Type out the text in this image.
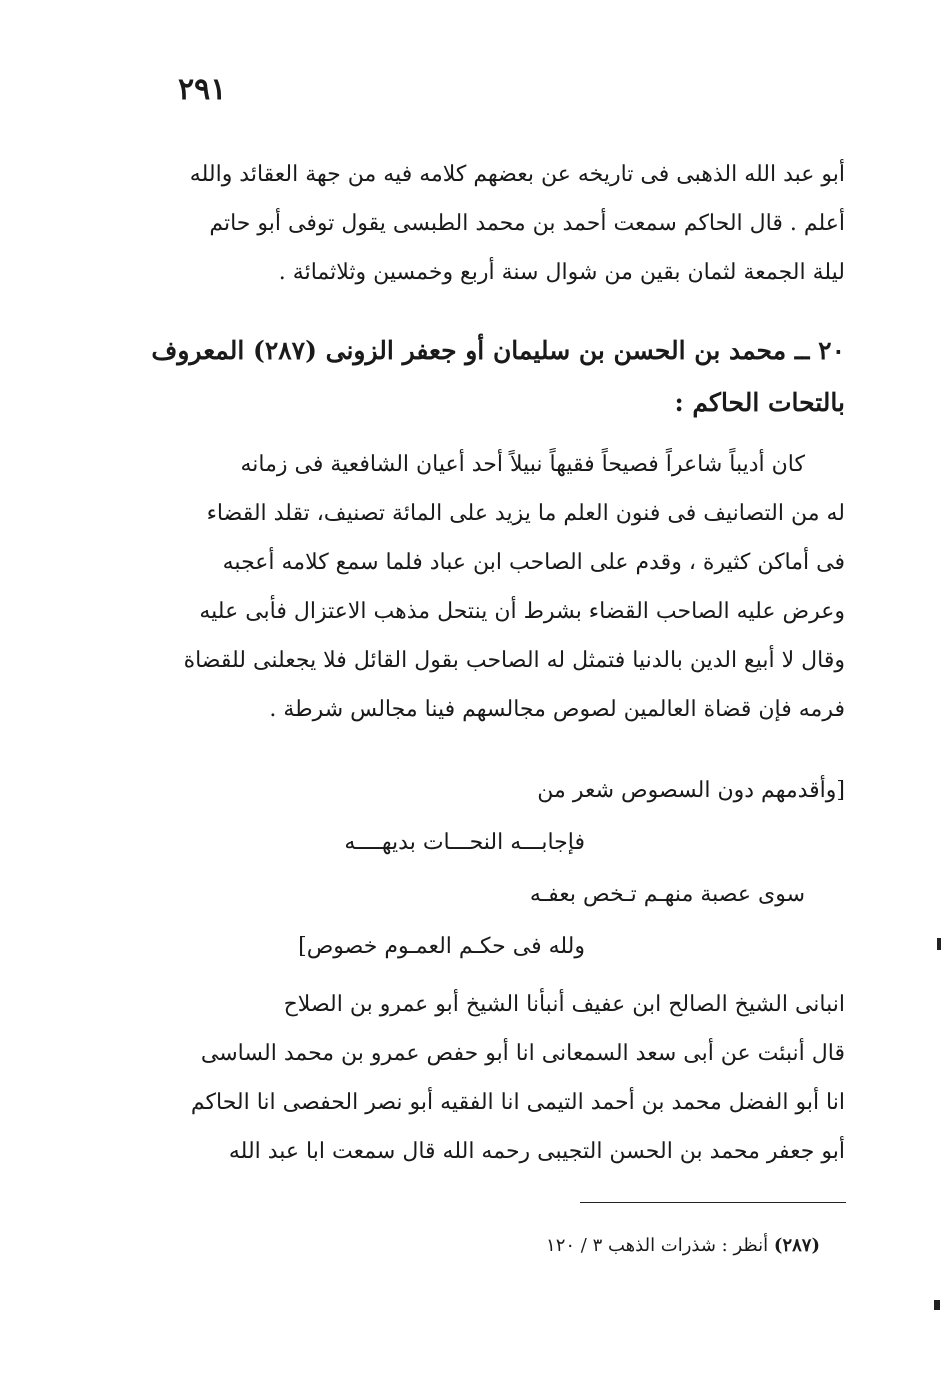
٢٩١
أبو عبد الله الذهبى فى تاريخه عن بعضهم كلامه فيه من جهة العقائد والله
أعلم . قال الحاكم سمعت أحمد بن محمد الطبسى يقول توفى أبو حاتم
ليلة الجمعة لثمان بقين من شوال سنة أربع وخمسين وثلاثمائة .
٢٠ ــ محمد بن الحسن بن سليمان أو جعفر الزونى (٢٨٧) المعروف
بالتحات الحاكم :
كان أديباً شاعراً فصيحاً فقيهاً نبيلاً أحد أعيان الشافعية فى زمانه
له من التصانيف فى فنون العلم ما يزيد على المائة تصنيف، تقلد القضاء
فى أماكن كثيرة ، وقدم على الصاحب ابن عباد فلما سمع كلامه أعجبه
وعرض عليه الصاحب القضاء بشرط أن ينتحل مذهب الاعتزال فأبى عليه
وقال لا أبيع الدين بالدنيا فتمثل له الصاحب بقول القائل فلا يجعلنى للقضاة
فرمه فإن قضاة العالمين لصوص مجالسهم فينا مجالس شرطة .
[وأقدمهم دون السصوص شعر من
فإجابـــه النحـــات بديهــــه
سوى عصبة منهـم تـخص بعفـه
ولله فى حكـم العمـوم خصوص]
انبانى الشيخ الصالح ابن عفيف أنبأنا الشيخ أبو عمرو بن الصلاح
قال أنبئت عن أبى سعد السمعانى انا أبو حفص عمرو بن محمد الساسى
انا أبو الفضل محمد بن أحمد التيمى انا الفقيه أبو نصر الحفصى انا الحاكم
أبو جعفر محمد بن الحسن التجيبى رحمه الله قال سمعت ابا عبد الله
(٢٨٧) أنظر : شذرات الذهب ٣ / ١٢٠
